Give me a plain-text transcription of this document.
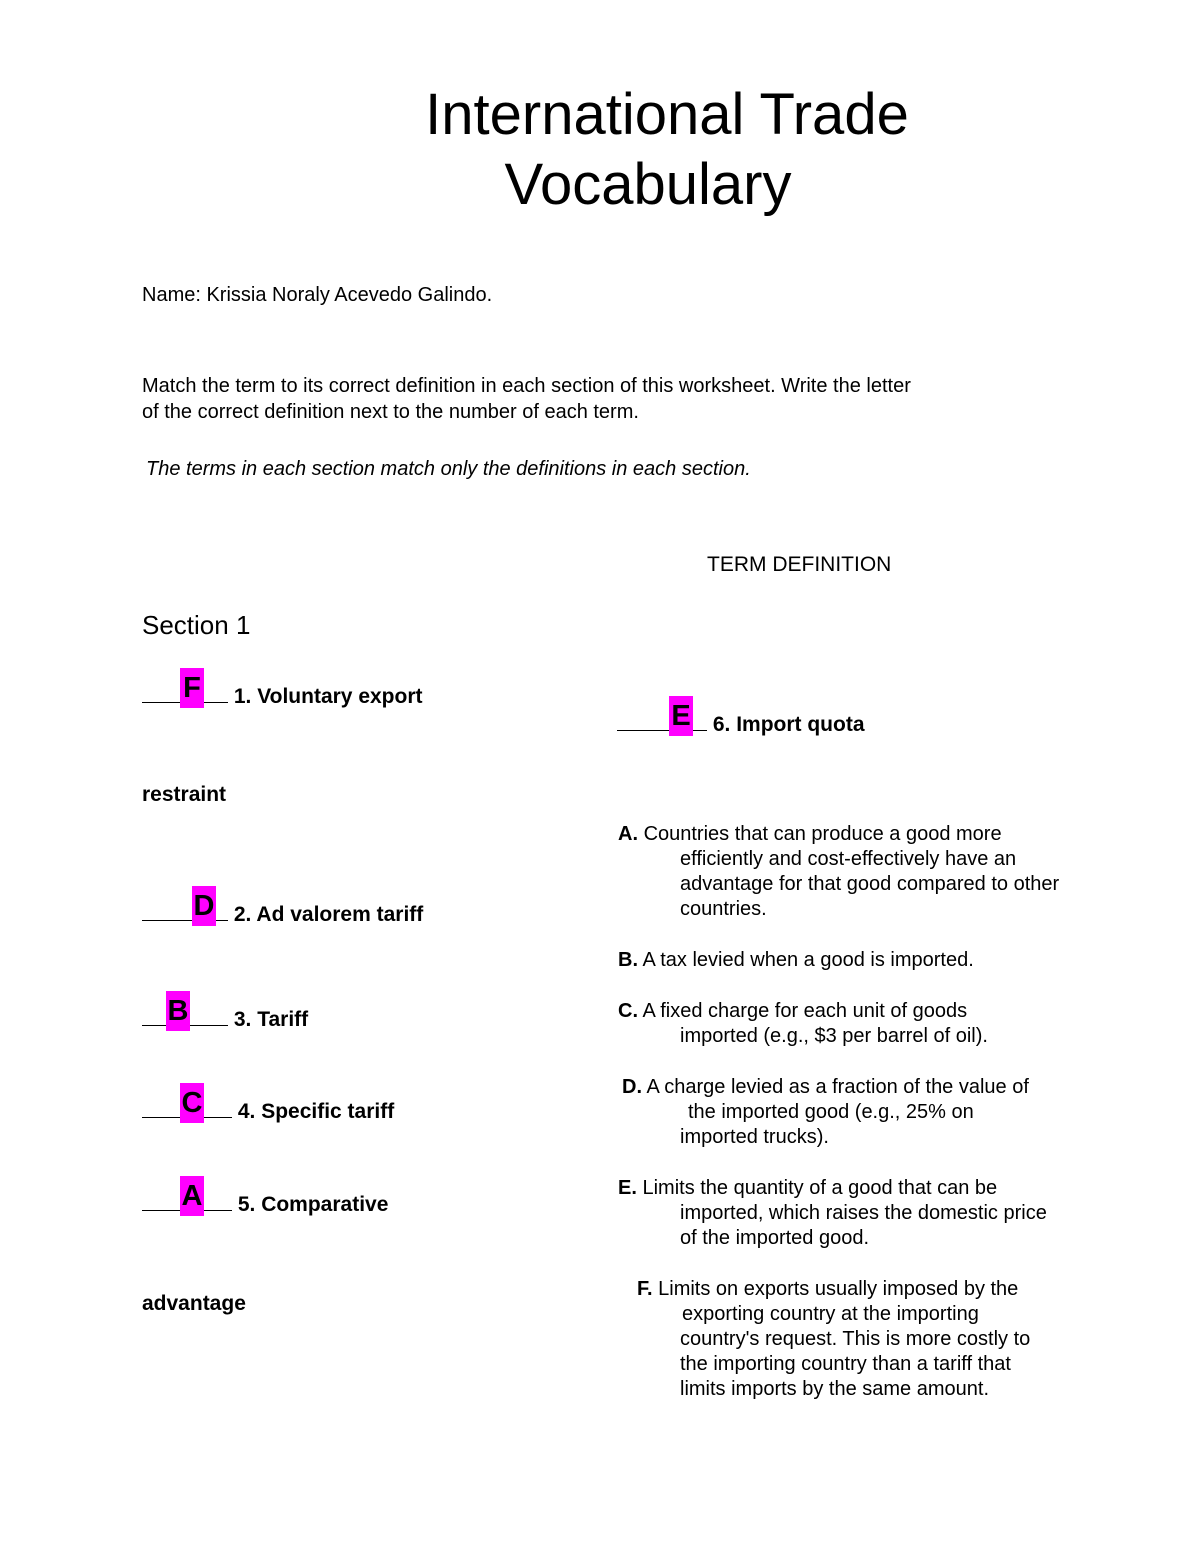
International Trade
Vocabulary
Name: Krissia Noraly Acevedo Galindo.
Match the term to its correct definition in each section of this worksheet. Write the letter
of the correct definition next to the number of each term.
The terms in each section match only the definitions in each section.
TERM DEFINITION
Section 1
F 1. Voluntary export
restraint
D 2. Ad valorem tariff
B 3. Tariff
C 4. Specific tariff
A 5. Comparative
advantage
E 6. Import quota
A. Countries that can produce a good more
efficiently and cost-effectively have an
advantage for that good compared to other
countries.
B. A tax levied when a good is imported.
C. A fixed charge for each unit of goods
imported (e.g., $3 per barrel of oil).
D. A charge levied as a fraction of the value of
the imported good (e.g., 25% on
imported trucks).
E. Limits the quantity of a good that can be
imported, which raises the domestic price
of the imported good.
F. Limits on exports usually imposed by the
exporting country at the importing
country's request. This is more costly to
the importing country than a tariff that
limits imports by the same amount.
